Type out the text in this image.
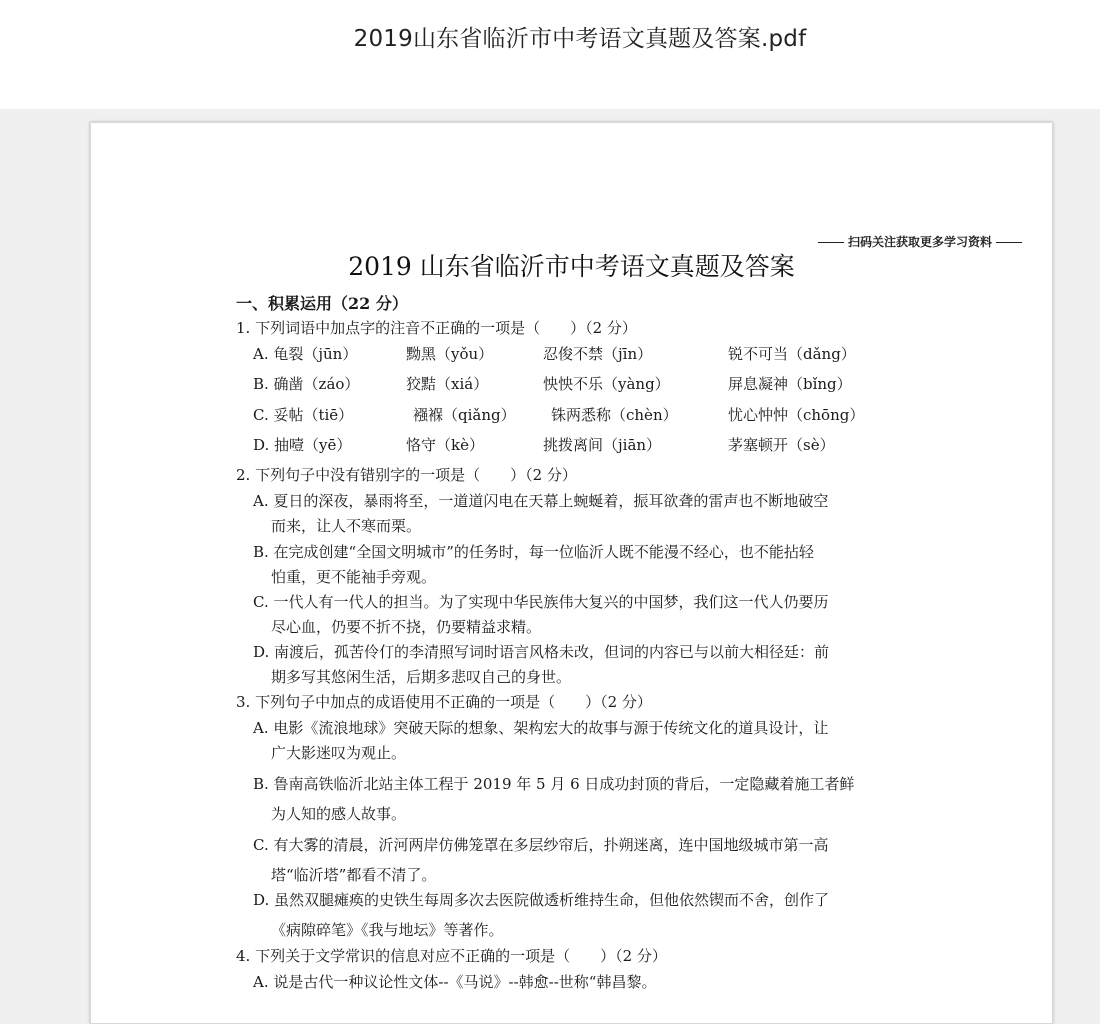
2019山东省临沂市中考语文真题及答案.pdf
扫码关注获取更多学习资料
2019 山东省临沂市中考语文真题及答案
一、积累运用（22 分）
1. 下列词语中加点字的注音不正确的一项是（　　）（2 分）
A. 龟裂（jūn）	黝黑（yǒu）	忍俊不禁（jīn）	锐不可当（dǎng）
B. 确凿（záo）	狡黠（xiá）	怏怏不乐（yàng）	屏息凝神（bǐng）
C. 妥帖（tiē）	襁褓（qiǎng） 铢两悉称（chèn）	忧心忡忡（chōng）
D. 抽噎（yē）	恪守（kè）	挑拨离间（jiān）	茅塞顿开（sè）
2. 下列句子中没有错别字的一项是（　　）（2 分）
A. 夏日的深夜，暴雨将至，一道道闪电在天幕上蜿蜒着，振耳欲聋的雷声也不断地破空
而来，让人不寒而栗。
B. 在完成创建“全国文明城市”的任务时，每一位临沂人既不能漫不经心，也不能拈轻
怕重，更不能袖手旁观。
C. 一代人有一代人的担当。为了实现中华民族伟大复兴的中国梦，我们这一代人仍要历
尽心血，仍要不折不挠，仍要精益求精。
D. 南渡后，孤苦伶仃的李清照写词时语言风格未改，但词的内容已与以前大相径廷：前
期多写其悠闲生活，后期多悲叹自己的身世。
3. 下列句子中加点的成语使用不正确的一项是（　　）（2 分）
A. 电影《流浪地球》突破天际的想象、架构宏大的故事与源于传统文化的道具设计，让
广大影迷叹为观止。
B. 鲁南高铁临沂北站主体工程于 2019 年 5 月 6 日成功封顶的背后，一定隐藏着施工者鲜
为人知的感人故事。
C. 有大雾的清晨，沂河两岸仿佛笼罩在多层纱帘后，扑朔迷离，连中国地级城市第一高
塔“临沂塔”都看不清了。
D. 虽然双腿瘫痪的史铁生每周多次去医院做透析维持生命，但他依然锲而不舍，创作了
《病隙碎笔》《我与地坛》等著作。
4. 下列关于文学常识的信息对应不正确的一项是（　　）（2 分）
A. 说是古代一种议论性文体--《马说》--韩愈--世称“韩昌黎。
